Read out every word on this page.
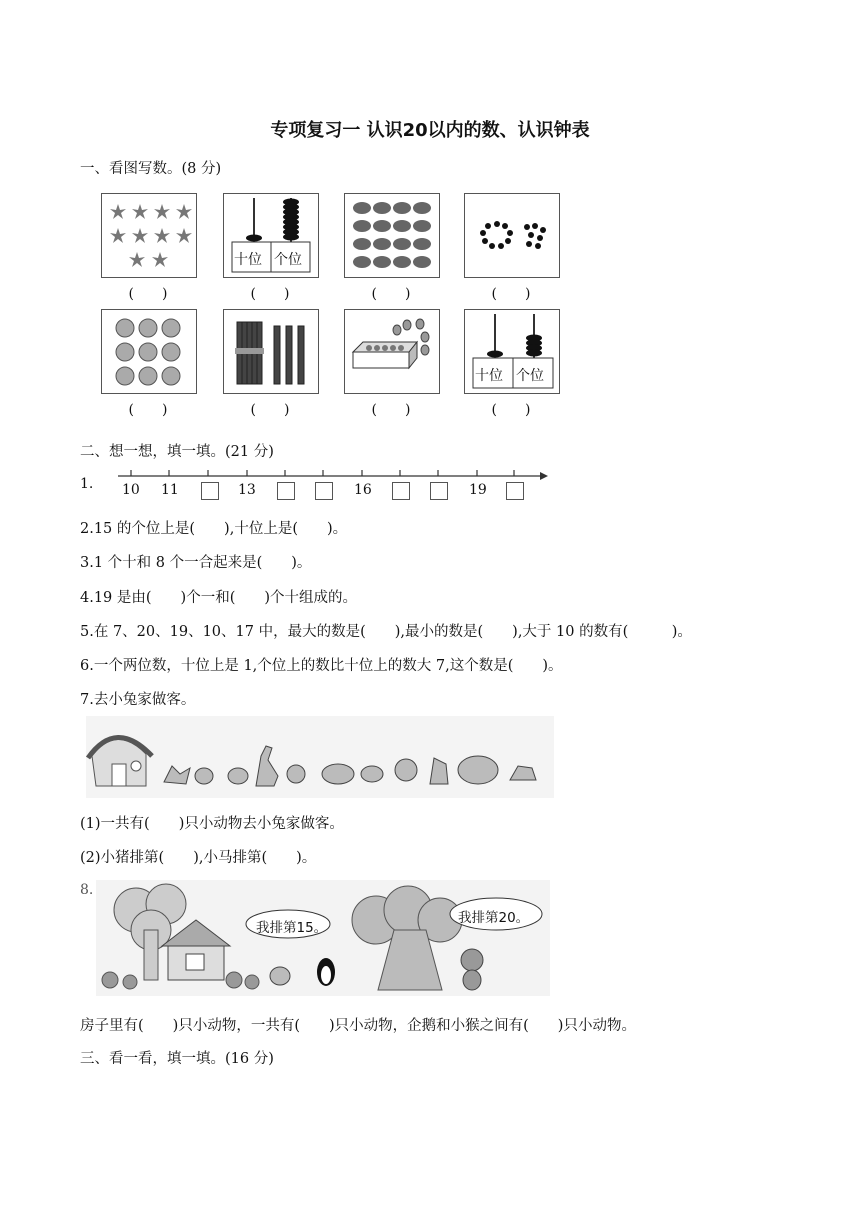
专项复习一 认识20以内的数、认识钟表
一、看图写数。(8 分)
十位 个位
(　　)	(　　)	(　　)	(　　)
十位 个位
(　　)	(　　)	(　　)	(　　)
二、想一想，填一填。(21 分)
1. 10 11	13	16	19
2.15 的个位上是(　　),十位上是(　　)。
3.1 个十和 8 个一合起来是(　　)。
4.19 是由(　　)个一和(　　)个十组成的。
5.在 7、20、19、10、17 中，最大的数是(　　),最小的数是(　　),大于 10 的数有(　　　)。
6.一个两位数，十位上是 1,个位上的数比十位上的数大 7,这个数是(　　)。
7.去小兔家做客。
(1)一共有(　　)只小动物去小兔家做客。
(2)小猪排第(　　),小马排第(　　)。
8.
我排第15。
我排第20。
房子里有(　　)只小动物，一共有(　　)只小动物，企鹅和小猴之间有(　　)只小动物。
三、看一看，填一填。(16 分)
